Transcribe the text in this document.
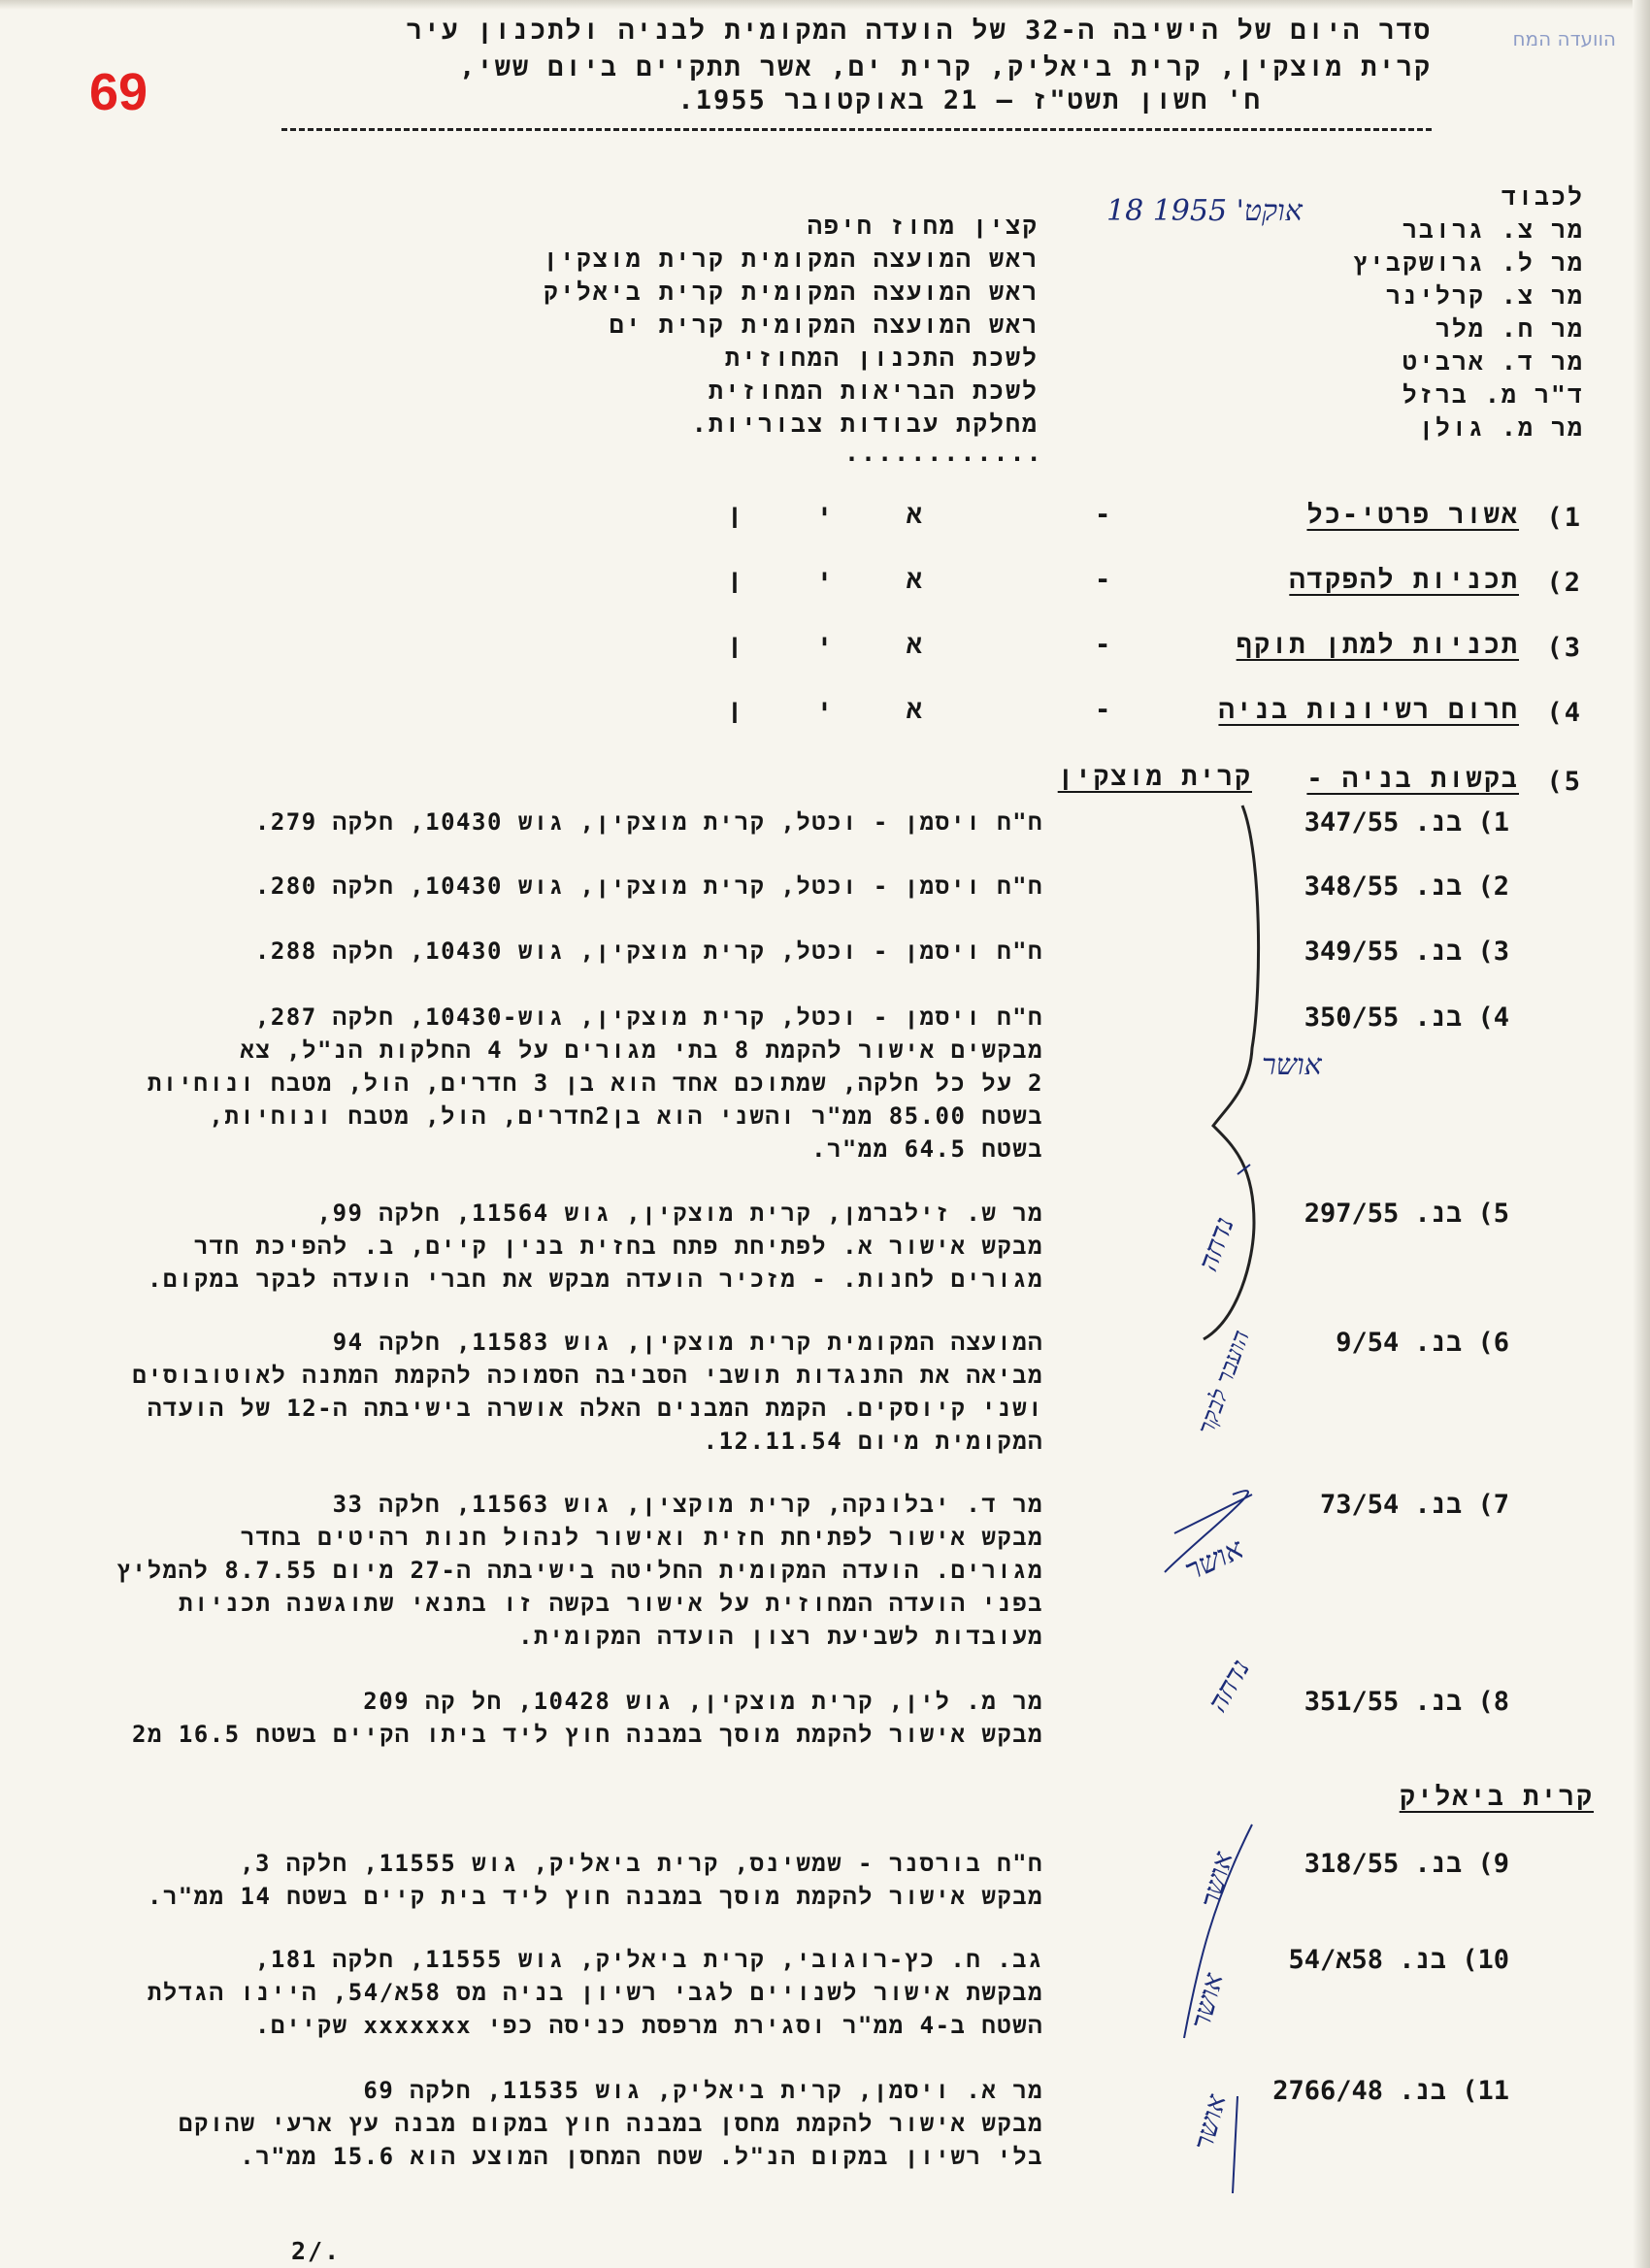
69
הוועדה המח
סדר היום של הישיבה ה-32 של הועדה המקומית לבניה ולתכנון עיר
קרית מוצקין, קרית ביאליק, קרית ים, אשר תתקיים ביום ששי,
ח' חשון תשט"ז — 21 באוקטובר 1955.
לכבוד
18 אוקט' 1955
מר צ. גרובר
מר ל. גרושקביץ
מר צ. קרלינר
מר ח. מלר
מר ד. ארביט
ד"ר מ. ברזל
מר מ. גולן
קצין מחוז חיפה
ראש המועצה המקומית קרית מוצקין
ראש המועצה המקומית קרית ביאליק
ראש המועצה המקומית קרית ים
לשכת התכנון המחוזית
לשכת הבריאות המחוזית
מחלקת עבודות צבוריות.
............
1)
אשור פרטי-כל
-
א י ן
2)
תכניות להפקדה
-
א י ן
3)
תכניות למתן תוקף
-
א י ן
4)
חרום רשיונות בניה
-
א י ן
5)
בקשות בניה -
קרית מוצקין
1) בנ. 347/55
ח"ח ויסמן - וכטל, קרית מוצקין, גוש 10430, חלקה 279.
2) בנ. 348/55
ח"ח ויסמן - וכטל, קרית מוצקין, גוש 10430, חלקה 280.
3) בנ. 349/55
ח"ח ויסמן - וכטל, קרית מוצקין, גוש 10430, חלקה 288.
4) בנ. 350/55
ח"ח ויסמן - וכטל, קרית מוצקין, גוש-10430, חלקה 287,
מבקשים אישור להקמת 8 בתי מגורים על 4 החלקות הנ"ל, צא
2 על כל חלקה, שמתוכם אחד הוא בן 3 חדרים, הול, מטבח ונוחיות
בשטח 85.00 ממ"ר והשני הוא בן2חדרים, הול, מטבח ונוחיות,
בשטח 64.5 ממ"ר.
5) בנ. 297/55
מר ש. זילברמן, קרית מוצקין, גוש 11564, חלקה 99,
מבקש אישור א. לפתיחת פתח בחזית בנין קיים, ב. להפיכת חדר
מגורים לחנות. - מזכיר הועדה מבקש את חברי הועדה לבקר במקום.
6) בנ. 9/54
המועצה המקומית קרית מוצקין, גוש 11583, חלקה 94
מביאה את התנגדות תושבי הסביבה הסמוכה להקמת המתנה לאוטובוסים
ושני קיוסקים. הקמת המבנים האלה אושרה בישיבתה ה-12 של הועדה
המקומית מיום 12.11.54.
7) בנ. 73/54
מר ד. יבלונקה, קרית מוקצין, גוש 11563, חלקה 33
מבקש אישור לפתיחת חזית ואישור לנהול חנות רהיטים בחדר
מגורים. הועדה המקומית החליטה בישיבתה ה-27 מיום 8.7.55 להמליץ
בפני הועדה המחוזית על אישור בקשה זו בתנאי שתוגשנה תכניות
מעובדות לשביעת רצון הועדה המקומית.
8) בנ. 351/55
מר מ. לין, קרית מוצקין, גוש 10428, חל קה 209
מבקש אישור להקמת מוסך במבנה חוץ ליד ביתו הקיים בשטח 16.5 מ2
קרית ביאליק
9) בנ. 318/55
ח"ח בורסנר - שמשינס, קרית ביאליק, גוש 11555, חלקה 3,
מבקש אישור להקמת מוסך במבנה חוץ ליד בית קיים בשטח 14 ממ"ר.
10) בנ. 58א/54
גב. ח. כץ-רוגובי, קרית ביאליק, גוש 11555, חלקה 181,
מבקשת אישור לשנויים לגבי רשיון בניה מס 58א/54, היינו הגדלת
השטח ב-4 ממ"ר וסגירת מרפסת כניסה כפי xxxxxxx שקיים.
11) בנ. 2766/48
מר א. ויסמן, קרית ביאליק, גוש 11535, חלקה 69
מבקש אישור להקמת מחסן במבנה חוץ במקום מבנה עץ ארעי שהוקם
בלי רשיון במקום הנ"ל. שטח המחסן המוצע הוא 15.6 ממ"ר.
אושר
נדחה
הועבר לבקר
אושר
נדחה
אושר
אושר
אושר
2/.
